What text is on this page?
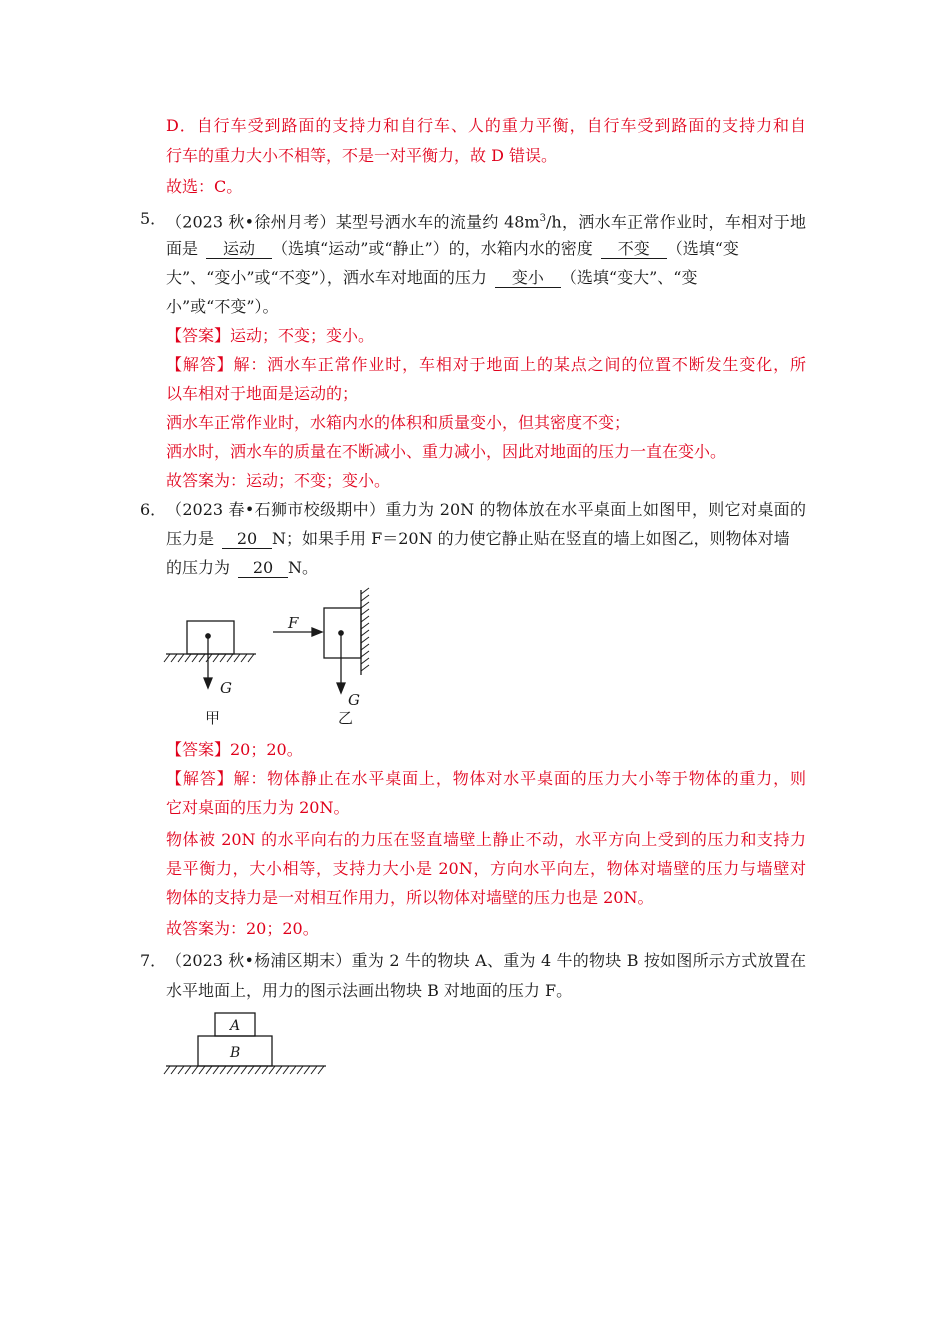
D．自行车受到路面的支持力和自行车、人的重力平衡，自行车受到路面的支持力和自
行车的重力大小不相等，不是一对平衡力，故 D 错误。
故选：C。
5． （2023 秋•徐州月考）某型号洒水车的流量约 $48m^3/h$，洒水车正常作业时，车相对于地
面是 运动 （选填“运动”或“静止”）的，水箱内水的密度 不变 （选填“变
大”、“变小”或“不变”），洒水车对地面的压力 变小 （选填“变大”、“变
小”或“不变”）。
【答案】运动；不变；变小。
【解答】解：洒水车正常作业时，车相对于地面上的某点之间的位置不断发生变化，所
以车相对于地面是运动的；
洒水车正常作业时，水箱内水的体积和质量变小，但其密度不变；
洒水时，洒水车的质量在不断减小、重力减小，因此对地面的压力一直在变小。
故答案为：运动；不变；变小。
6． （2023 春•石狮市校级期中）重力为 20N 的物体放在水平桌面上如图甲，则它对桌面的
压力是 20 N；如果手用 F＝20N 的力使它静止贴在竖直的墙上如图乙，则物体对墙
的压力为 20 N。
G
甲
F
G
乙
【答案】20；20。
【解答】解：物体静止在水平桌面上，物体对水平桌面的压力大小等于物体的重力，则
它对桌面的压力为 20N。
物体被 20N 的水平向右的力压在竖直墙壁上静止不动，水平方向上受到的压力和支持力
是平衡力，大小相等，支持力大小是 20N，方向水平向左，物体对墙壁的压力与墙壁对
物体的支持力是一对相互作用力，所以物体对墙壁的压力也是 20N。
故答案为：20；20。
7． （2023 秋•杨浦区期末）重为 2 牛的物块 A、重为 4 牛的物块 B 按如图所示方式放置在
水平地面上，用力的图示法画出物块 B 对地面的压力 F。
A
B
